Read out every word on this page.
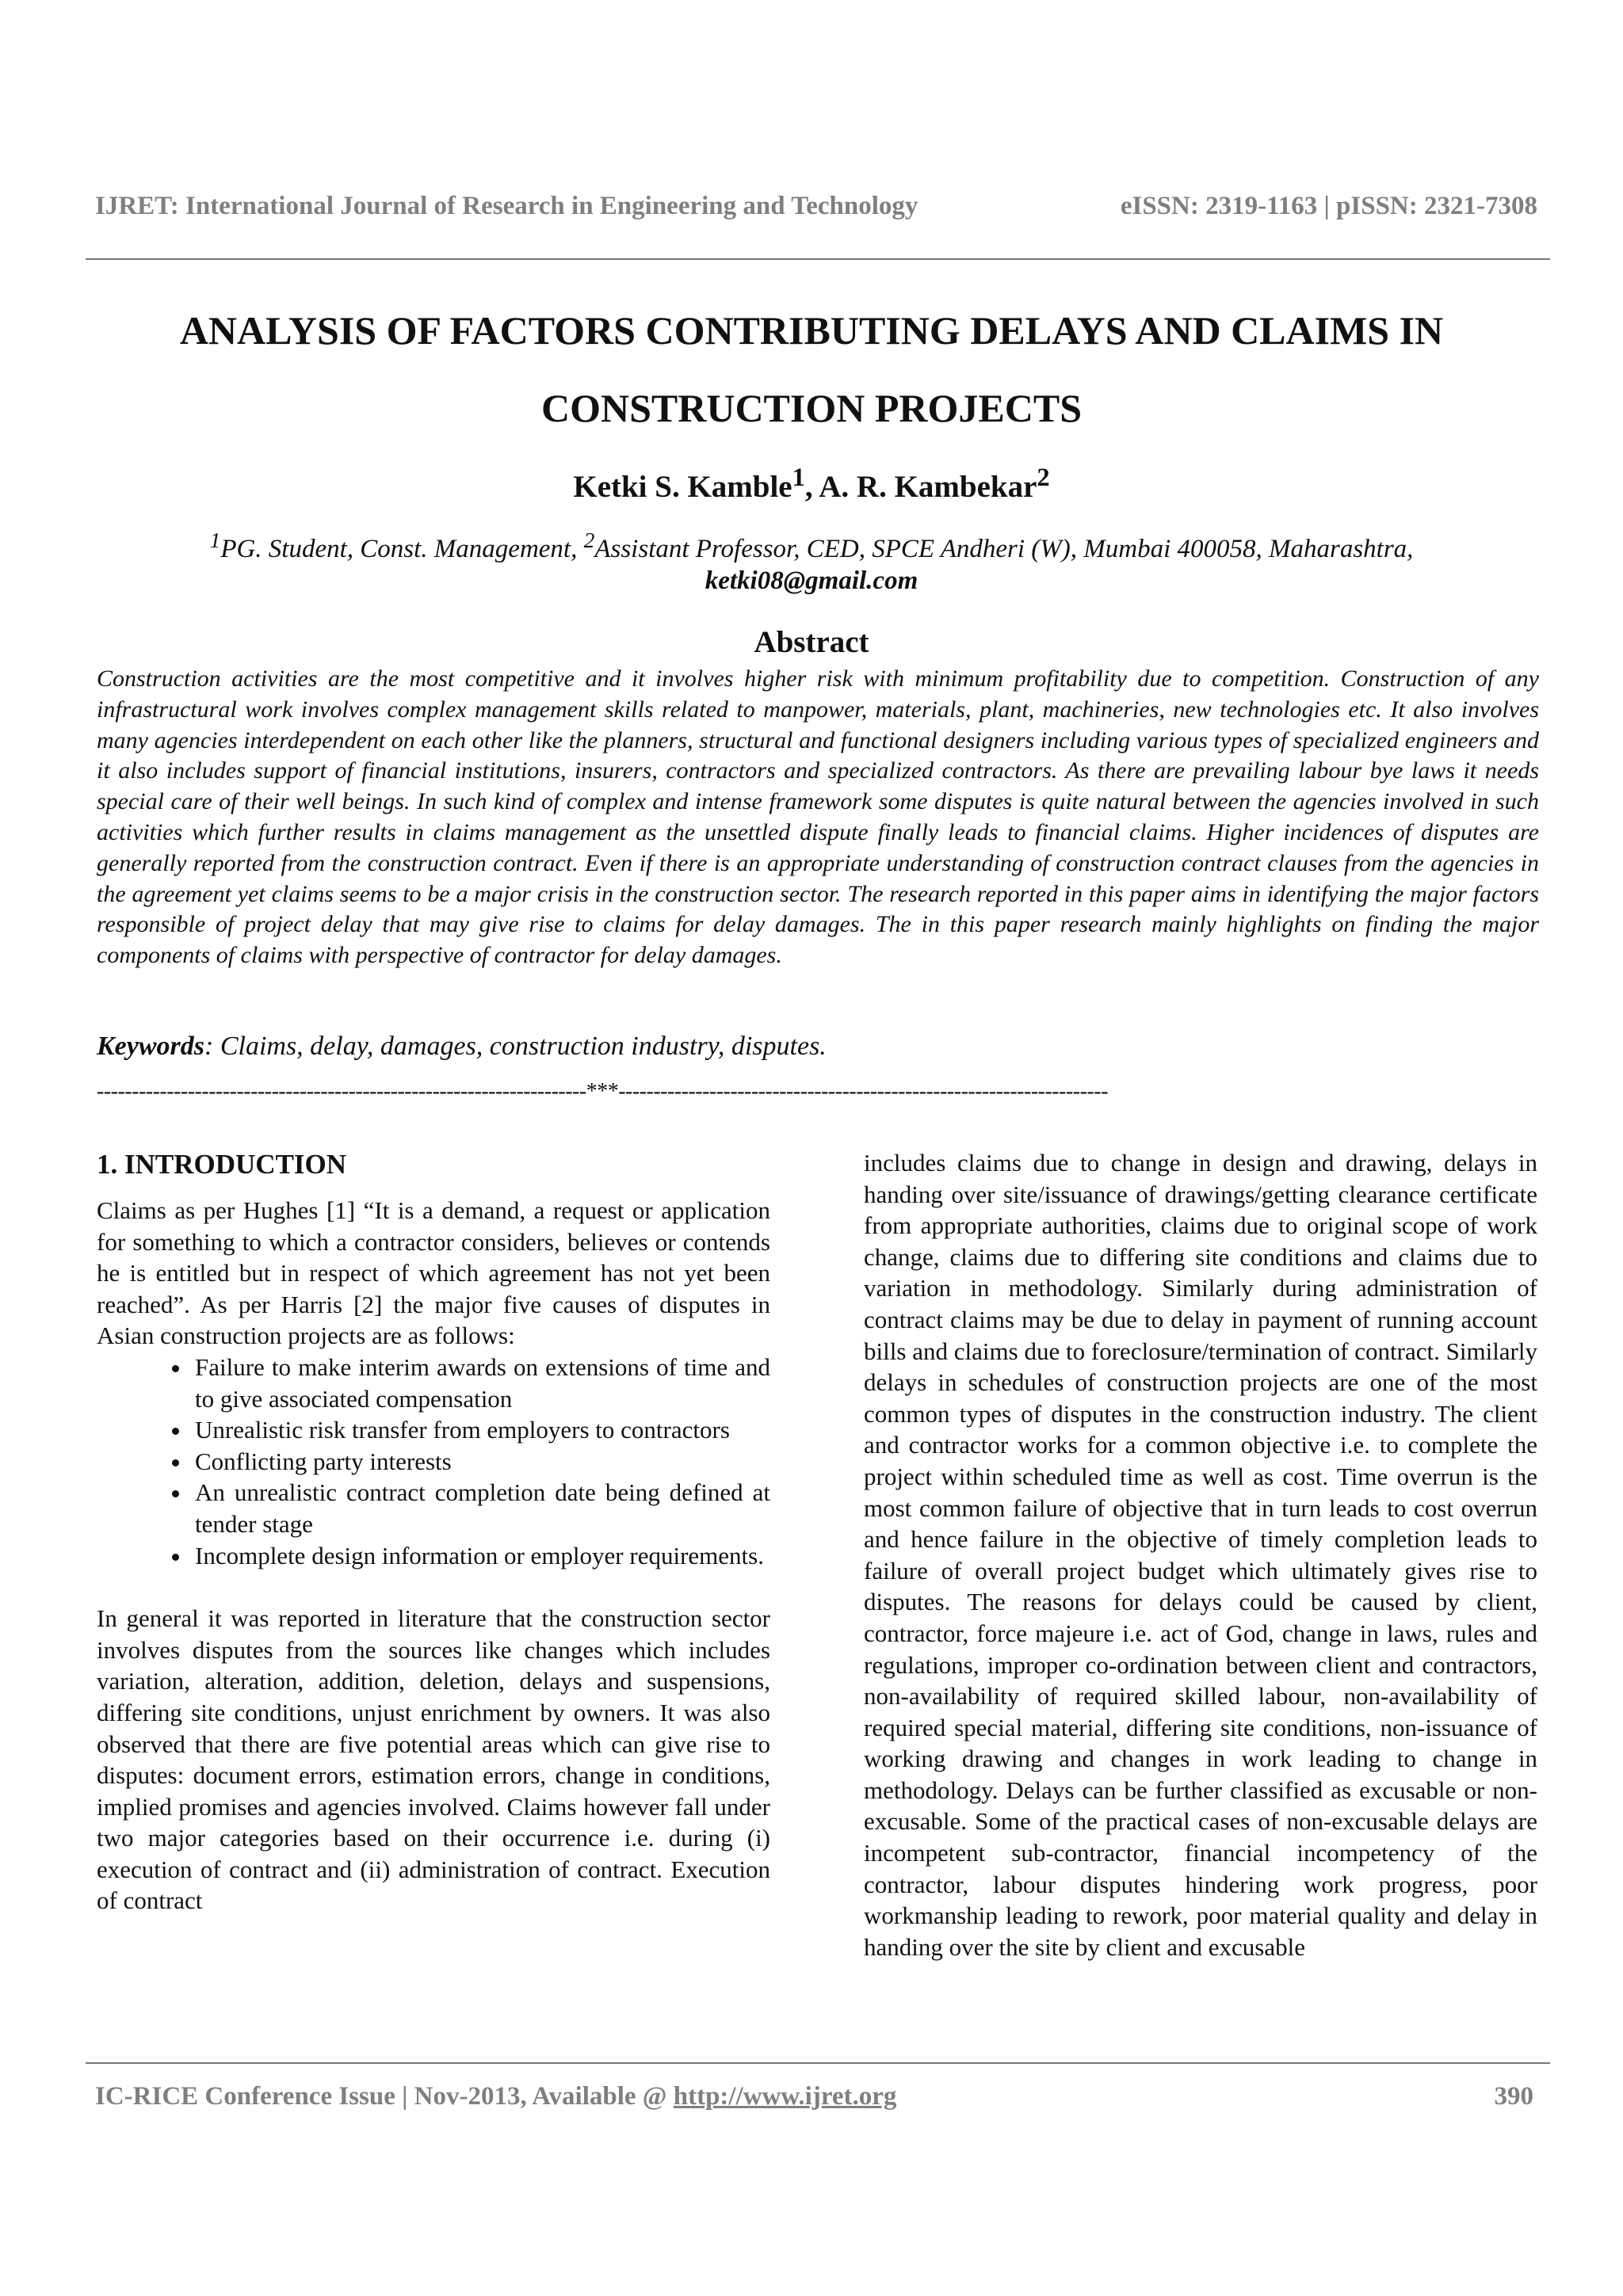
IJRET: International Journal of Research in Engineering and Technology	eISSN: 2319-1163 | pISSN: 2321-7308
ANALYSIS OF FACTORS CONTRIBUTING DELAYS AND CLAIMS IN
CONSTRUCTION PROJECTS
Ketki S. Kamble$^1$, A. R. Kambekar$^2$
$^1$PG. Student, Const. Management, $^2$Assistant Professor, CED, SPCE Andheri (W), Mumbai 400058, Maharashtra,
ketki08@gmail.com
Abstract

Construction activities are the most competitive and it involves higher risk with minimum profitability due to competition. Construction of any infrastructural work involves complex management skills related to manpower, materials, plant, machineries, new technologies etc. It also involves many agencies interdependent on each other like the planners, structural and functional designers including various types of specialized engineers and it also includes support of financial institutions, insurers, contractors and specialized contractors. As there are prevailing labour bye laws it needs special care of their well beings. In such kind of complex and intense framework some disputes is quite natural between the agencies involved in such activities which further results in claims management as the unsettled dispute finally leads to financial claims. Higher incidences of disputes are generally reported from the construction contract. Even if there is an appropriate understanding of construction contract clauses from the agencies in the agreement yet claims seems to be a major crisis in the construction sector. The research reported in this paper aims in identifying the major factors responsible of project delay that may give rise to claims for delay damages. The in this paper research mainly highlights on finding the major components of claims with perspective of contractor for delay damages.

Keywords: Claims, delay, damages, construction industry, disputes.
----------------------------------------------------------------------***----------------------------------------------------------------------
1. INTRODUCTION

Claims as per Hughes [1] “It is a demand, a request or application for something to which a contractor considers, believes or contends he is entitled but in respect of which agreement has not yet been reached”. As per Harris [2] the major five causes of disputes in Asian construction projects are as follows:

• Failure to make interim awards on extensions of time and to give associated compensation
• Unrealistic risk transfer from employers to contractors
• Conflicting party interests
• An unrealistic contract completion date being defined at tender stage
• Incomplete design information or employer requirements.

In general it was reported in literature that the construction sector involves disputes from the sources like changes which includes variation, alteration, addition, deletion, delays and suspensions, differing site conditions, unjust enrichment by owners. It was also observed that there are five potential areas which can give rise to disputes: document errors, estimation errors, change in conditions, implied promises and agencies involved. Claims however fall under two major categories based on their occurrence i.e. during (i) execution of contract and (ii) administration of contract. Execution of contract

includes claims due to change in design and drawing, delays in handing over site/issuance of drawings/getting clearance certificate from appropriate authorities, claims due to original scope of work change, claims due to differing site conditions and claims due to variation in methodology. Similarly during administration of contract claims may be due to delay in payment of running account bills and claims due to foreclosure/termination of contract. Similarly delays in schedules of construction projects are one of the most common types of disputes in the construction industry. The client and contractor works for a common objective i.e. to complete the project within scheduled time as well as cost. Time overrun is the most common failure of objective that in turn leads to cost overrun and hence failure in the objective of timely completion leads to failure of overall project budget which ultimately gives rise to disputes. The reasons for delays could be caused by client, contractor, force majeure i.e. act of God, change in laws, rules and regulations, improper co-ordination between client and contractors, non-availability of required skilled labour, non-availability of required special material, differing site conditions, non-issuance of working drawing and changes in work leading to change in methodology. Delays can be further classified as excusable or non-excusable. Some of the practical cases of non-excusable delays are incompetent sub-contractor, financial incompetency of the contractor, labour disputes hindering work progress, poor workmanship leading to rework, poor material quality and delay in handing over the site by client and excusable

IC-RICE Conference Issue | Nov-2013, Available @ http://www.ijret.org	390
